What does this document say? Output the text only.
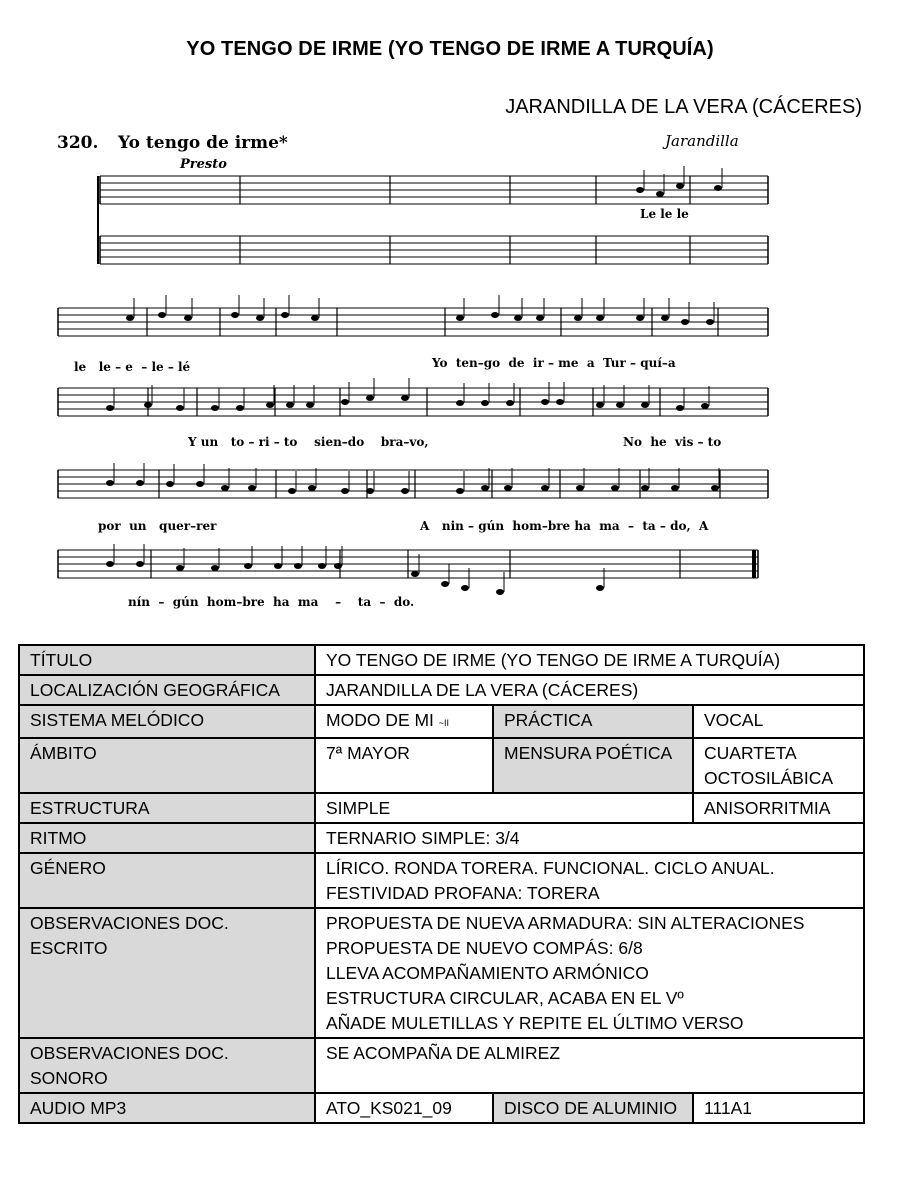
YO TENGO DE IRME (YO TENGO DE IRME A TURQUÍA)
JARANDILLA DE LA VERA (CÁCERES)
320. Yo tengo de irme*	Jarandilla
Presto
Le le le
le   le – e  – le – lé	Yo  ten–go  de  ir – me  a  Tur – quí–a
Y un   to – ri – to    sien–do    bra–vo,	No  he  vis – to
por  un   quer–rer	A   nin – gún  hom–bre ha  ma  –  ta – do,  A
nín  –  gún  hom–bre  ha  ma    –    ta  –  do.
TÍTULO	YO TENGO DE IRME (YO TENGO DE IRME A TURQUÍA)		
LOCALIZACIÓN GEOGRÁFICA	JARANDILLA DE LA VERA (CÁCERES)		
SISTEMA MELÓDICO	MODO DE MI ~II	PRÁCTICA	VOCAL
ÁMBITO	7ª MAYOR	MENSURA POÉTICA	CUARTETA
OCTOSILÁBICA

ESTRUCTURA	SIMPLE		ANISORRITMIA
RITMO	TERNARIO SIMPLE: 3/4		
GÉNERO	LÍRICO. RONDA TORERA. FUNCIONAL. CICLO ANUAL.
FESTIVIDAD PROFANA: TORERA		

OBSERVACIONES DOC. ESCRITO	PROPUESTA DE NUEVA ARMADURA: SIN ALTERACIONES
PROPUESTA DE NUEVO COMPÁS: 6/8
LLEVA ACOMPAÑAMIENTO ARMÓNICO
ESTRUCTURA CIRCULAR, ACABA EN EL Vº
AÑADE MULETILLAS Y REPITE EL ÚLTIMO VERSO		

OBSERVACIONES DOC. SONORO	SE ACOMPAÑA DE ALMIREZ		
AUDIO MP3	ATO_KS021_09	DISCO DE ALUMINIO	111A1
